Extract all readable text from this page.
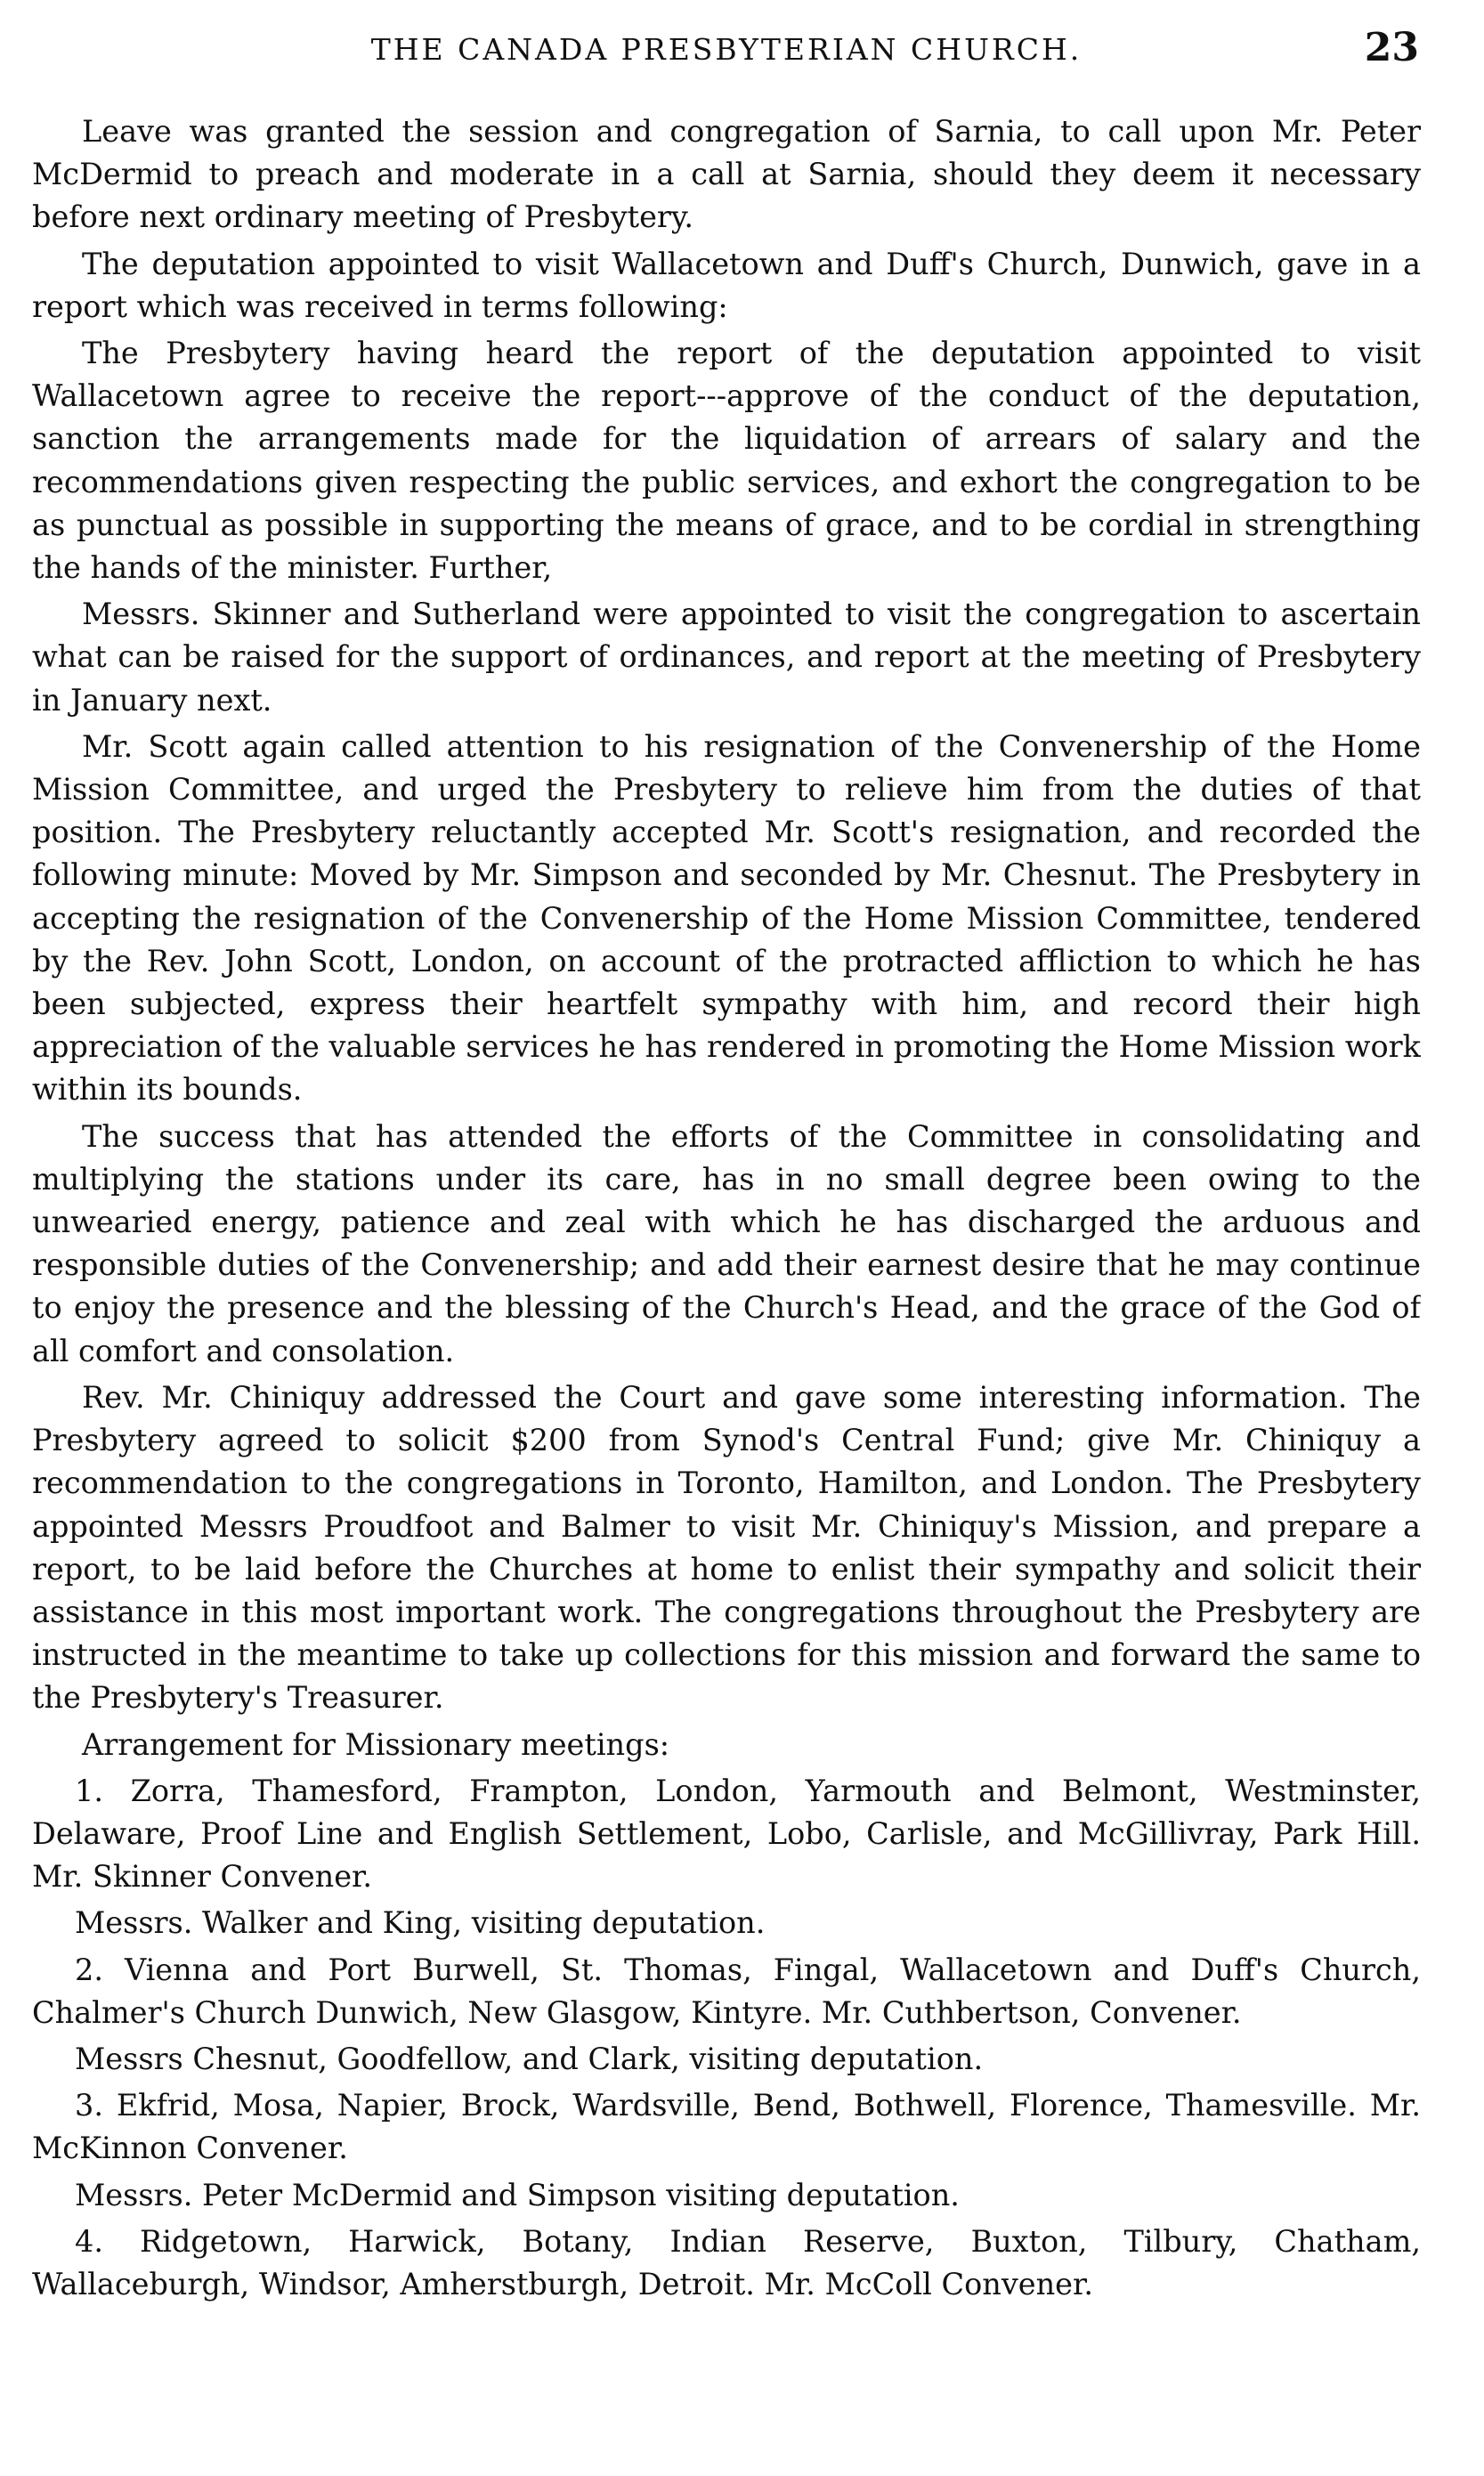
THE CANADA PRESBYTERIAN CHURCH.	23

Leave was granted the session and congregation of Sarnia, to call upon Mr. Peter McDermid to preach and moderate in a call at Sarnia, should they deem it necessary before next ordinary meeting of Presbytery.

The deputation appointed to visit Wallacetown and Duff's Church, Dunwich, gave in a report which was received in terms following:

The Presbytery having heard the report of the deputation appointed to visit Wallacetown agree to receive the report---approve of the conduct of the deputation, sanction the arrangements made for the liquidation of arrears of salary and the recommendations given respecting the public services, and exhort the congregation to be as punctual as possible in supporting the means of grace, and to be cordial in strengthing the hands of the minister. Further,

Messrs. Skinner and Sutherland were appointed to visit the congregation to ascertain what can be raised for the support of ordinances, and report at the meeting of Presbytery in January next.

Mr. Scott again called attention to his resignation of the Convenership of the Home Mission Committee, and urged the Presbytery to relieve him from the duties of that position. The Presbytery reluctantly accepted Mr. Scott's resignation, and recorded the following minute: Moved by Mr. Simpson and seconded by Mr. Chesnut. The Presbytery in accepting the resignation of the Convenership of the Home Mission Committee, tendered by the Rev. John Scott, London, on account of the protracted affliction to which he has been subjected, express their heartfelt sympathy with him, and record their high appreciation of the valuable services he has rendered in promoting the Home Mission work within its bounds.

The success that has attended the efforts of the Committee in consolidating and multiplying the stations under its care, has in no small degree been owing to the unwearied energy, patience and zeal with which he has discharged the arduous and responsible duties of the Convenership; and add their earnest desire that he may continue to enjoy the presence and the blessing of the Church's Head, and the grace of the God of all comfort and consolation.

Rev. Mr. Chiniquy addressed the Court and gave some interesting information. The Presbytery agreed to solicit $200 from Synod's Central Fund; give Mr. Chiniquy a recommendation to the congregations in Toronto, Hamilton, and London. The Presbytery appointed Messrs Proudfoot and Balmer to visit Mr. Chiniquy's Mission, and prepare a report, to be laid before the Churches at home to enlist their sympathy and solicit their assistance in this most important work. The congregations throughout the Presbytery are instructed in the meantime to take up collections for this mission and forward the same to the Presbytery's Treasurer.

Arrangement for Missionary meetings:

1. Zorra, Thamesford, Frampton, London, Yarmouth and Belmont, Westminster, Delaware, Proof Line and English Settlement, Lobo, Carlisle, and McGillivray, Park Hill. Mr. Skinner Convener.

Messrs. Walker and King, visiting deputation.

2. Vienna and Port Burwell, St. Thomas, Fingal, Wallacetown and Duff's Church, Chalmer's Church Dunwich, New Glasgow, Kintyre. Mr. Cuthbertson, Convener.

Messrs Chesnut, Goodfellow, and Clark, visiting deputation.

3. Ekfrid, Mosa, Napier, Brock, Wardsville, Bend, Bothwell, Florence, Thamesville. Mr. McKinnon Convener.

Messrs. Peter McDermid and Simpson visiting deputation.

4. Ridgetown, Harwick, Botany, Indian Reserve, Buxton, Tilbury, Chatham, Wallaceburgh, Windsor, Amherstburgh, Detroit. Mr. McColl Convener.
